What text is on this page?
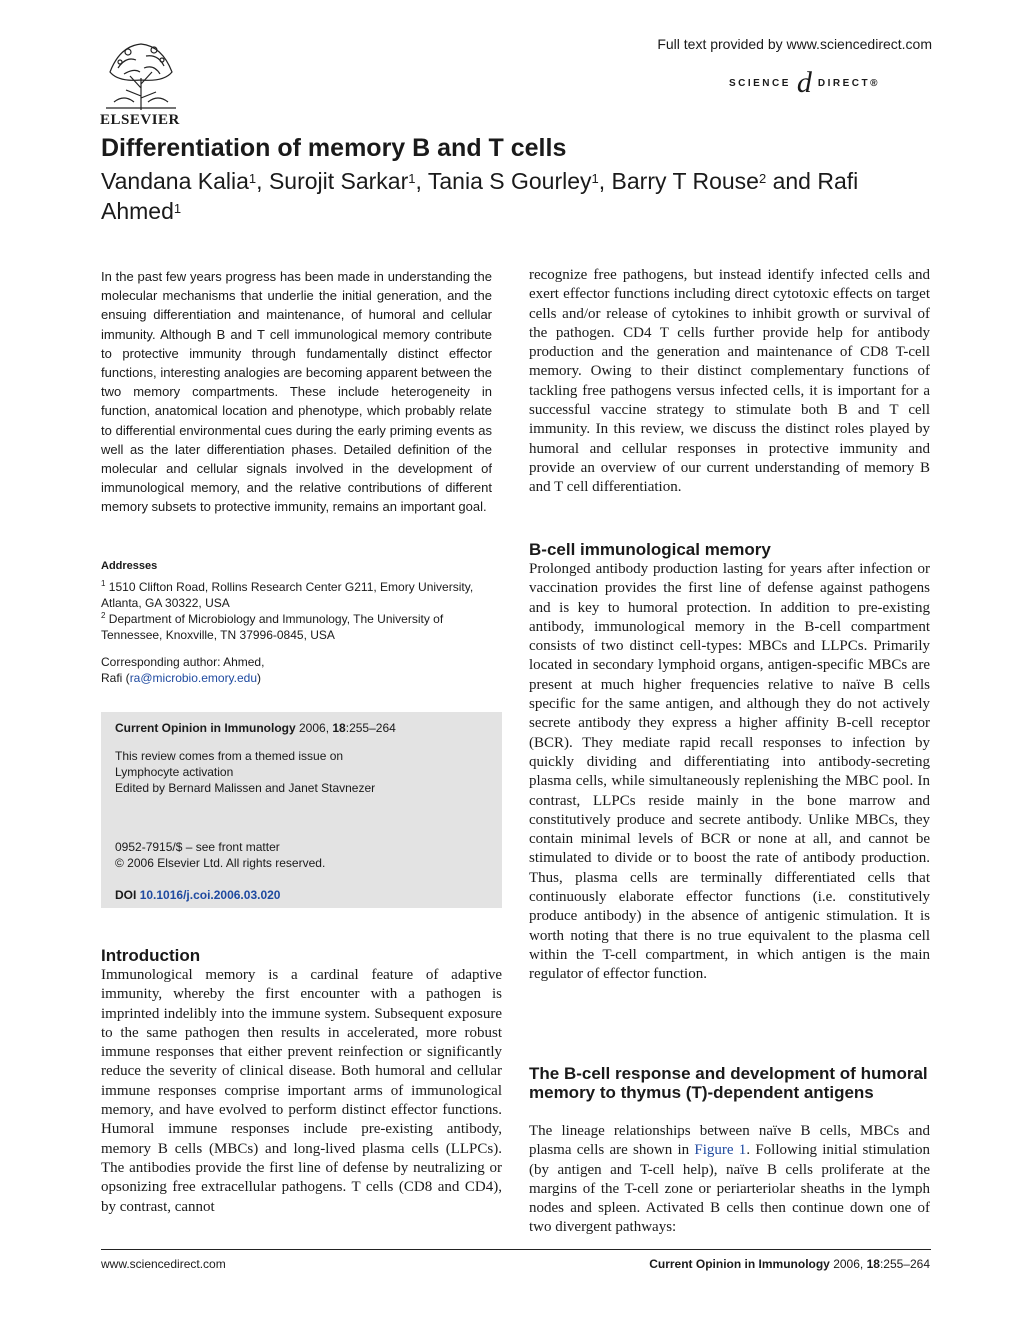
ELSEVIER
Full text provided by www.sciencedirect.com
SCIENCE d DIRECT®
Differentiation of memory B and T cells
Vandana Kalia$^1$, Surojit Sarkar$^1$, Tania S Gourley$^1$, Barry T Rouse$^2$ and Rafi Ahmed$^1$
In the past few years progress has been made in understanding the molecular mechanisms that underlie the initial generation, and the ensuing differentiation and maintenance, of humoral and cellular immunity. Although B and T cell immunological memory contribute to protective immunity through fundamentally distinct effector functions, interesting analogies are becoming apparent between the two memory compartments. These include heterogeneity in function, anatomical location and phenotype, which probably relate to differential environmental cues during the early priming events as well as the later differentiation phases. Detailed definition of the molecular and cellular signals involved in the development of immunological memory, and the relative contributions of different memory subsets to protective immunity, remains an important goal.
Addresses
$^1$ 1510 Clifton Road, Rollins Research Center G211, Emory University, Atlanta, GA 30322, USA
$^2$ Department of Microbiology and Immunology, The University of Tennessee, Knoxville, TN 37996-0845, USA
Corresponding author: Ahmed,
Rafi (ra@microbio.emory.edu)
Current Opinion in Immunology 2006, 18:255–264
This review comes from a themed issue on
Lymphocyte activation
Edited by Bernard Malissen and Janet Stavnezer
0952-7915/$ – see front matter
© 2006 Elsevier Ltd. All rights reserved.
DOI 10.1016/j.coi.2006.03.020
Introduction
Immunological memory is a cardinal feature of adaptive immunity, whereby the first encounter with a pathogen is imprinted indelibly into the immune system. Subsequent exposure to the same pathogen then results in accelerated, more robust immune responses that either prevent reinfection or significantly reduce the severity of clinical disease. Both humoral and cellular immune responses comprise important arms of immunological memory, and have evolved to perform distinct effector functions. Humoral immune responses include pre-existing antibody, memory B cells (MBCs) and long-lived plasma cells (LLPCs). The antibodies provide the first line of defense by neutralizing or opsonizing free extracellular pathogens. T cells (CD8 and CD4), by contrast, cannot
recognize free pathogens, but instead identify infected cells and exert effector functions including direct cytotoxic effects on target cells and/or release of cytokines to inhibit growth or survival of the pathogen. CD4 T cells further provide help for antibody production and the generation and maintenance of CD8 T-cell memory. Owing to their distinct complementary functions of tackling free pathogens versus infected cells, it is important for a successful vaccine strategy to stimulate both B and T cell immunity. In this review, we discuss the distinct roles played by humoral and cellular responses in protective immunity and provide an overview of our current understanding of memory B and T cell differentiation.
B-cell immunological memory
Prolonged antibody production lasting for years after infection or vaccination provides the first line of defense against pathogens and is key to humoral protection. In addition to pre-existing antibody, immunological memory in the B-cell compartment consists of two distinct cell-types: MBCs and LLPCs. Primarily located in secondary lymphoid organs, antigen-specific MBCs are present at much higher frequencies relative to naïve B cells specific for the same antigen, and although they do not actively secrete antibody they express a higher affinity B-cell receptor (BCR). They mediate rapid recall responses to infection by quickly dividing and differentiating into antibody-secreting plasma cells, while simultaneously replenishing the MBC pool. In contrast, LLPCs reside mainly in the bone marrow and constitutively produce and secrete antibody. Unlike MBCs, they contain minimal levels of BCR or none at all, and cannot be stimulated to divide or to boost the rate of antibody production. Thus, plasma cells are terminally differentiated cells that continuously elaborate effector functions (i.e. constitutively produce antibody) in the absence of antigenic stimulation. It is worth noting that there is no true equivalent to the plasma cell within the T-cell compartment, in which antigen is the main regulator of effector function.
The B-cell response and development of humoral memory to thymus (T)-dependent antigens
The lineage relationships between naïve B cells, MBCs and plasma cells are shown in Figure 1. Following initial stimulation (by antigen and T-cell help), naïve B cells proliferate at the margins of the T-cell zone or periarteriolar sheaths in the lymph nodes and spleen. Activated B cells then continue down one of two divergent pathways:
www.sciencedirect.com	Current Opinion in Immunology 2006, 18:255–264
